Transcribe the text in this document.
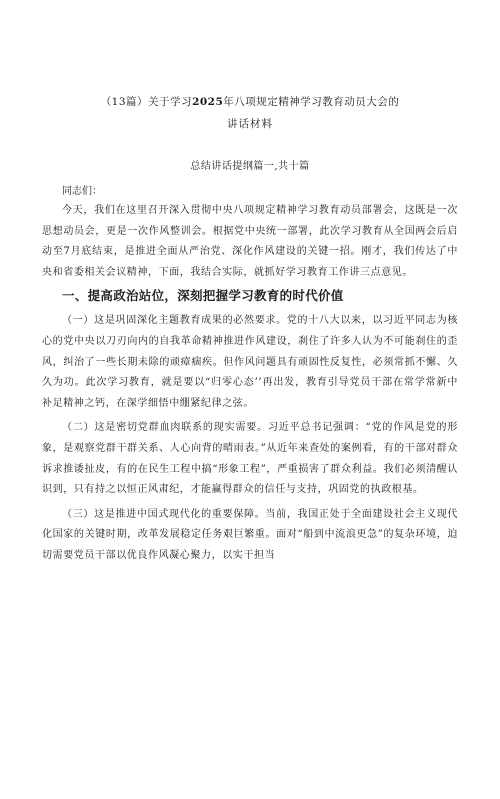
（13篇）关于学习2025年八项规定精神学习教育动员大会的
讲话材料
总结讲话提纲篇一,共十篇
同志们：

今天，我们在这里召开深入贯彻中央八项规定精神学习教育动员部署会，这既是一次思想动员会，更是一次作风整训会。根据党中央统一部署，此次学习教育从全国两会后启动至7月底结束，是推进全面从严治党、深化作风建设的关键一招。刚才，我们传达了中央和省委相关会议精神，下面，我结合实际，就抓好学习教育工作讲三点意见。

一、提高政治站位，深刻把握学习教育的时代价值

（一）这是巩固深化主题教育成果的必然要求。党的十八大以来，以习近平同志为核心的党中央以刀刃向内的自我革命精神推进作风建设，刹住了许多人认为不可能刹住的歪风，纠治了一些长期未除的顽瘴痼疾。但作风问题具有顽固性反复性，必须常抓不懈、久久为功。此次学习教育，就是要以“归零心态’’再出发，教育引导党员干部在常学常新中补足精神之钙，在深学细悟中绷紧纪律之弦。

（二）这是密切党群血肉联系的现实需要。习近平总书记强调：“党的作风是党的形象，是观察党群干群关系、人心向背的晴雨表。”从近年来查处的案例看，有的干部对群众诉求推诿扯皮，有的在民生工程中搞“形象工程”，严重损害了群众利益。我们必须清醒认识到，只有持之以恒正风肃纪，才能赢得群众的信任与支持，巩固党的执政根基。

（三）这是推进中国式现代化的重要保障。当前，我国正处于全面建设社会主义现代化国家的关键时期，改革发展稳定任务艰巨繁重。面对“船到中流浪更急”的复杂环境，迫切需要党员干部以优良作风凝心聚力，以实干担当
